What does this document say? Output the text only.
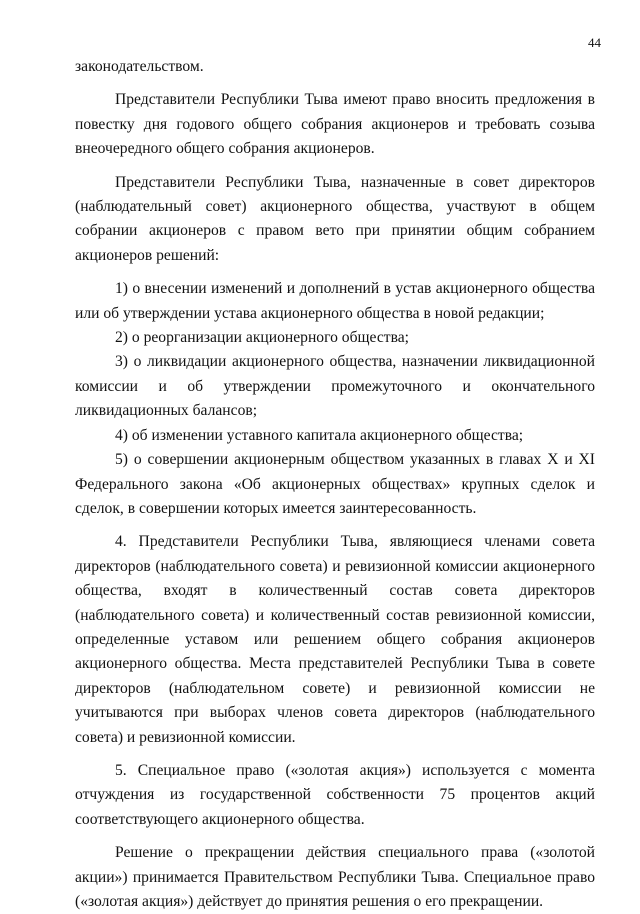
44

законодательством.

Представители Республики Тыва имеют право вносить предложения в повестку дня годового общего собрания акционеров и требовать созыва внеочередного общего собрания акционеров.

Представители Республики Тыва, назначенные в совет директоров (наблюдательный совет) акционерного общества, участвуют в общем собрании акционеров с правом вето при принятии общим собранием акционеров решений:

1) о внесении изменений и дополнений в устав акционерного общества или об утверждении устава акционерного общества в новой редакции;

2) о реорганизации акционерного общества;

3) о ликвидации акционерного общества, назначении ликвидационной комиссии и об утверждении промежуточного и окончательного ликвидационных балансов;

4) об изменении уставного капитала акционерного общества;

5) о совершении акционерным обществом указанных в главах X и XI Федерального закона «Об акционерных обществах» крупных сделок и сделок, в совершении которых имеется заинтересованность.

4. Представители Республики Тыва, являющиеся членами совета директоров (наблюдательного совета) и ревизионной комиссии акционерного общества, входят в количественный состав совета директоров (наблюдательного совета) и количественный состав ревизионной комиссии, определенные уставом или решением общего собрания акционеров акционерного общества. Места представителей Республики Тыва в совете директоров (наблюдательном совете) и ревизионной комиссии не учитываются при выборах членов совета директоров (наблюдательного совета) и ревизионной комиссии.

5. Специальное право («золотая акция») используется с момента отчуждения из государственной собственности 75 процентов акций соответствующего акционерного общества.

Решение о прекращении действия специального права («золотой акции») принимается Правительством Республики Тыва. Специальное право («золотая акция») действует до принятия решения о его прекращении.
